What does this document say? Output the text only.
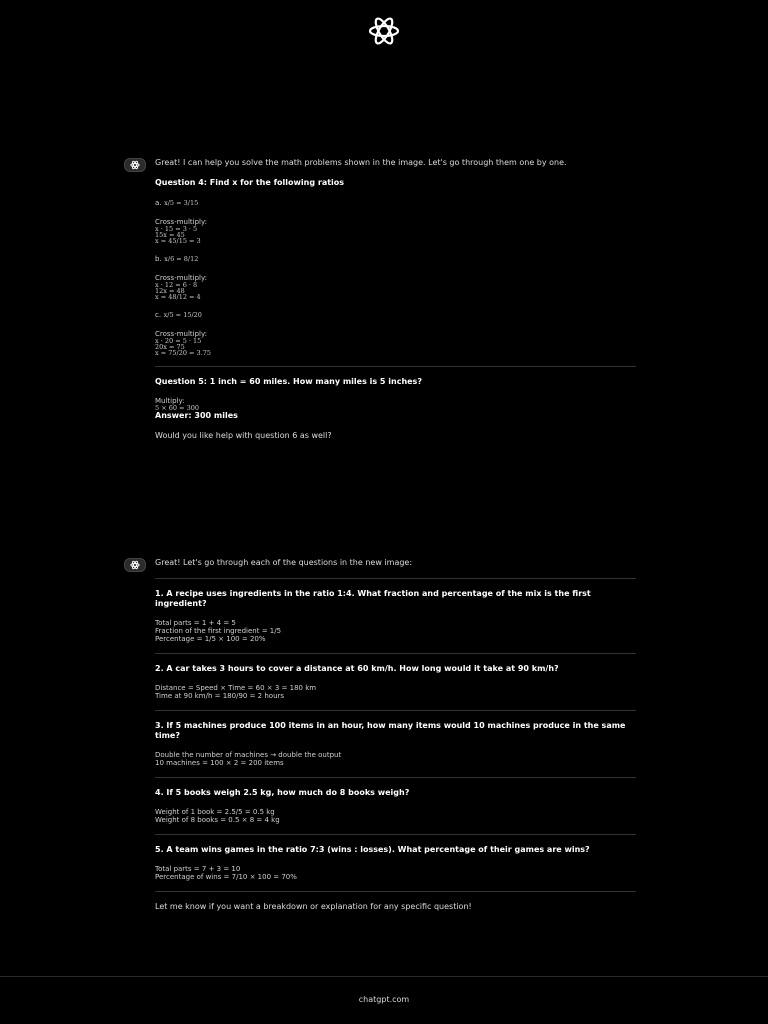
Great! I can help you solve the math problems shown in the image. Let's go through them one by one.

Question 4: Find x for the following ratios

a. x/5 = 3/15
Cross-multiply:
x · 15 = 3 · 5
15x = 45
x = 45/15 = 3
b. x/6 = 8/12
Cross-multiply:
x · 12 = 6 · 8
12x = 48
x = 48/12 = 4
c. x/5 = 15/20
Cross-multiply:
x · 20 = 5 · 15
20x = 75
x = 75/20 = 3.75

Question 5: 1 inch = 60 miles. How many miles is 5 inches?

Multiply:
5 × 60 = 300
Answer: 300 miles

Would you like help with question 6 as well?

Great! Let's go through each of the questions in the new image:

1. A recipe uses ingredients in the ratio 1:4. What fraction and percentage of the mix is the first ingredient?

Total parts = 1 + 4 = 5
Fraction of the first ingredient = 1/5
Percentage = 1/5 × 100 = 20%

2. A car takes 3 hours to cover a distance at 60 km/h. How long would it take at 90 km/h?

Distance = Speed × Time = 60 × 3 = 180 km
Time at 90 km/h = 180/90 = 2 hours

3. If 5 machines produce 100 items in an hour, how many items would 10 machines produce in the same time?

Double the number of machines → double the output
10 machines = 100 × 2 = 200 items

4. If 5 books weigh 2.5 kg, how much do 8 books weigh?

Weight of 1 book = 2.5/5 = 0.5 kg
Weight of 8 books = 0.5 × 8 = 4 kg

5. A team wins games in the ratio 7:3 (wins : losses). What percentage of their games are wins?

Total parts = 7 + 3 = 10
Percentage of wins = 7/10 × 100 = 70%

Let me know if you want a breakdown or explanation for any specific question!

chatgpt.com
